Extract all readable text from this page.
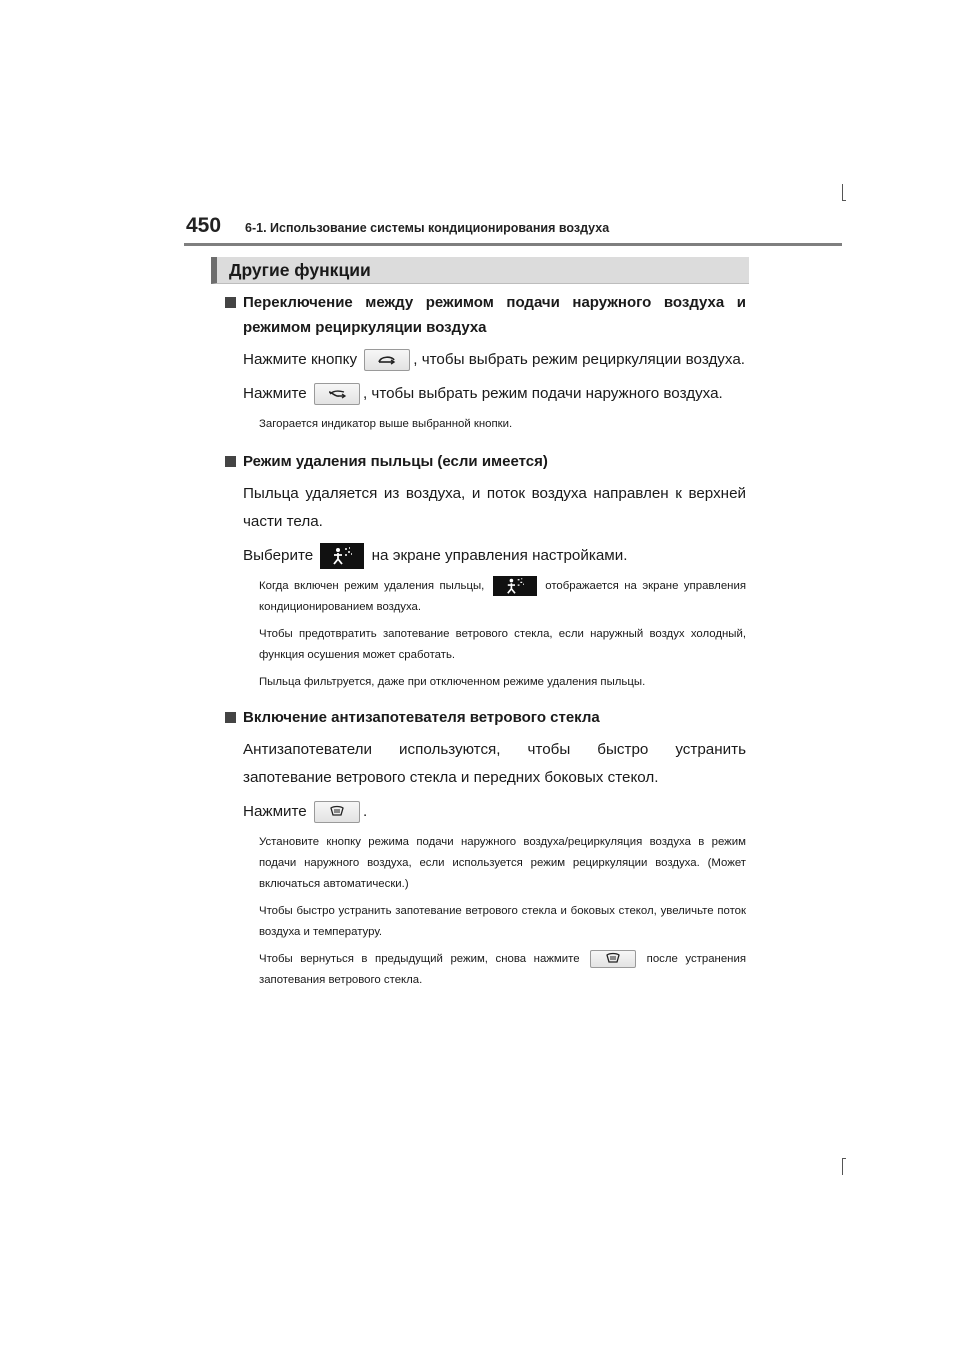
450 6-1. Использование системы кондиционирования воздуха
Другие функции
Переключение между режимом подачи наружного воздуха и режимом рециркуляции воздуха
Нажмите кнопку	, чтобы выбрать режим рециркуляции воздуха.
Нажмите	, чтобы выбрать режим подачи наружного воздуха.
Загорается индикатор выше выбранной кнопки.
Режим удаления пыльцы (если имеется)
Пыльца удаляется из воздуха, и поток воздуха направлен к верхней части тела.
Выберите	на экране управления настройками.
Когда включен режим удаления пыльцы,	отображается на экране управления кондиционированием воздуха.
Чтобы предотвратить запотевание ветрового стекла, если наружный воздух холодный, функция осушения может сработать.
Пыльца фильтруется, даже при отключенном режиме удаления пыльцы.
Включение антизапотевателя ветрового стекла
Антизапотеватели используются, чтобы быстро устранить запотевание ветрового стекла и передних боковых стекол.
Нажмите	.
Установите кнопку режима подачи наружного воздуха/рециркуляция воздуха в режим подачи наружного воздуха, если используется режим рециркуляции воздуха. (Может включаться автоматически.)
Чтобы быстро устранить запотевание ветрового стекла и боковых стекол, увеличьте поток воздуха и температуру.
Чтобы вернуться в предыдущий режим, снова нажмите	после устранения запотевания ветрового стекла.
